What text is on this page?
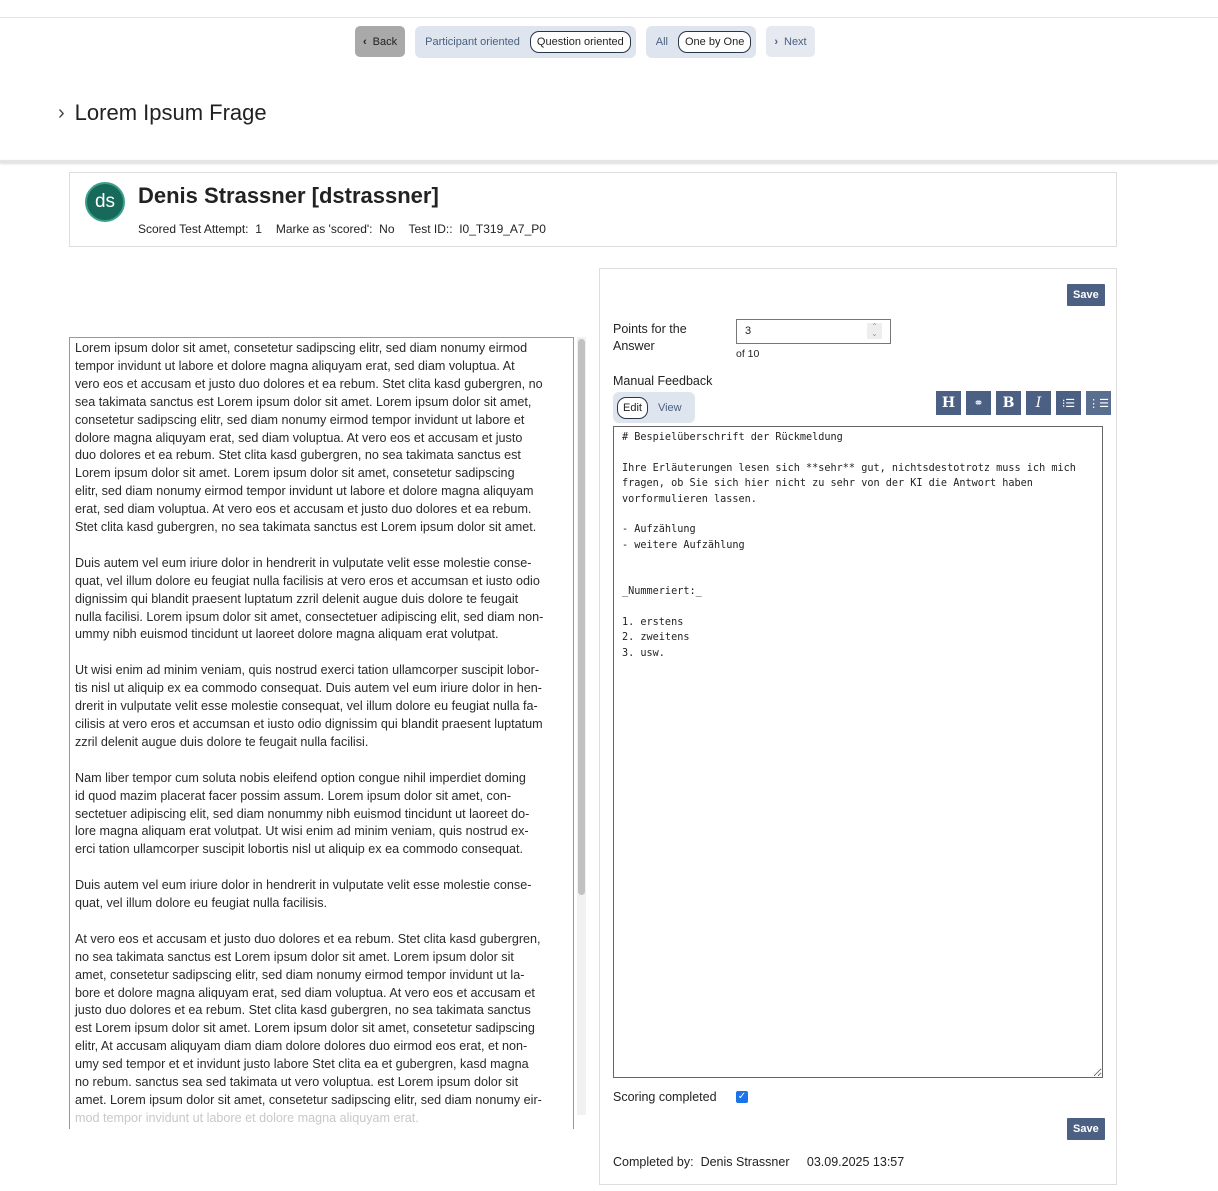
‹ Back	Participant oriented	Question oriented	All	One by One	› Next
› Lorem Ipsum Frage
ds	Denis Strassner [dstrassner]
Scored Test Attempt: 1 Marke as 'scored': No Test ID:: I0_T319_A7_P0
Lorem ipsum dolor sit amet, consetetur sadipscing elitr, sed diam nonumy eirmod
tempor invidunt ut labore et dolore magna aliquyam erat, sed diam voluptua. At
vero eos et accusam et justo duo dolores et ea rebum. Stet clita kasd gubergren, no
sea takimata sanctus est Lorem ipsum dolor sit amet. Lorem ipsum dolor sit amet,
consetetur sadipscing elitr, sed diam nonumy eirmod tempor invidunt ut labore et
dolore magna aliquyam erat, sed diam voluptua. At vero eos et accusam et justo
duo dolores et ea rebum. Stet clita kasd gubergren, no sea takimata sanctus est
Lorem ipsum dolor sit amet. Lorem ipsum dolor sit amet, consetetur sadipscing
elitr, sed diam nonumy eirmod tempor invidunt ut labore et dolore magna aliquyam
erat, sed diam voluptua. At vero eos et accusam et justo duo dolores et ea rebum.
Stet clita kasd gubergren, no sea takimata sanctus est Lorem ipsum dolor sit amet.
Duis autem vel eum iriure dolor in hendrerit in vulputate velit esse molestie conse-
quat, vel illum dolore eu feugiat nulla facilisis at vero eros et accumsan et iusto odio
dignissim qui blandit praesent luptatum zzril delenit augue duis dolore te feugait
nulla facilisi. Lorem ipsum dolor sit amet, consectetuer adipiscing elit, sed diam non-
ummy nibh euismod tincidunt ut laoreet dolore magna aliquam erat volutpat.
Ut wisi enim ad minim veniam, quis nostrud exerci tation ullamcorper suscipit lobor-
tis nisl ut aliquip ex ea commodo consequat. Duis autem vel eum iriure dolor in hen-
drerit in vulputate velit esse molestie consequat, vel illum dolore eu feugiat nulla fa-
cilisis at vero eros et accumsan et iusto odio dignissim qui blandit praesent luptatum
zzril delenit augue duis dolore te feugait nulla facilisi.
Nam liber tempor cum soluta nobis eleifend option congue nihil imperdiet doming
id quod mazim placerat facer possim assum. Lorem ipsum dolor sit amet, con-
sectetuer adipiscing elit, sed diam nonummy nibh euismod tincidunt ut laoreet do-
lore magna aliquam erat volutpat. Ut wisi enim ad minim veniam, quis nostrud ex-
erci tation ullamcorper suscipit lobortis nisl ut aliquip ex ea commodo consequat.
Duis autem vel eum iriure dolor in hendrerit in vulputate velit esse molestie conse-
quat, vel illum dolore eu feugiat nulla facilisis.
At vero eos et accusam et justo duo dolores et ea rebum. Stet clita kasd gubergren,
no sea takimata sanctus est Lorem ipsum dolor sit amet. Lorem ipsum dolor sit
amet, consetetur sadipscing elitr, sed diam nonumy eirmod tempor invidunt ut la-
bore et dolore magna aliquyam erat, sed diam voluptua. At vero eos et accusam et
justo duo dolores et ea rebum. Stet clita kasd gubergren, no sea takimata sanctus
est Lorem ipsum dolor sit amet. Lorem ipsum dolor sit amet, consetetur sadipscing
elitr, At accusam aliquyam diam diam dolore dolores duo eirmod eos erat, et non-
umy sed tempor et et invidunt justo labore Stet clita ea et gubergren, kasd magna
no rebum. sanctus sea sed takimata ut vero voluptua. est Lorem ipsum dolor sit
amet. Lorem ipsum dolor sit amet, consetetur sadipscing elitr, sed diam nonumy eir-
mod tempor invidunt ut labore et dolore magna aliquyam erat.
Save
Points for the Answer
3	⌃
⌄
of 10
Manual Feedback
Edit	View	H	⚭	B	I	⁝☰	⋮☰
# Bespielüberschrift der Rückmeldung Ihre Erläuterungen lesen sich **sehr** gut, nichtsdestotrotz muss ich mich fragen, ob Sie sich hier nicht zu sehr von der KI die Antwort haben vorformulieren lassen. - Aufzählung - weitere Aufzählung _Nummeriert:_ 1. erstens 2. zweitens 3. usw.
Scoring completed ✓
Save
Completed by: Denis Strassner 03.09.2025 13:57
